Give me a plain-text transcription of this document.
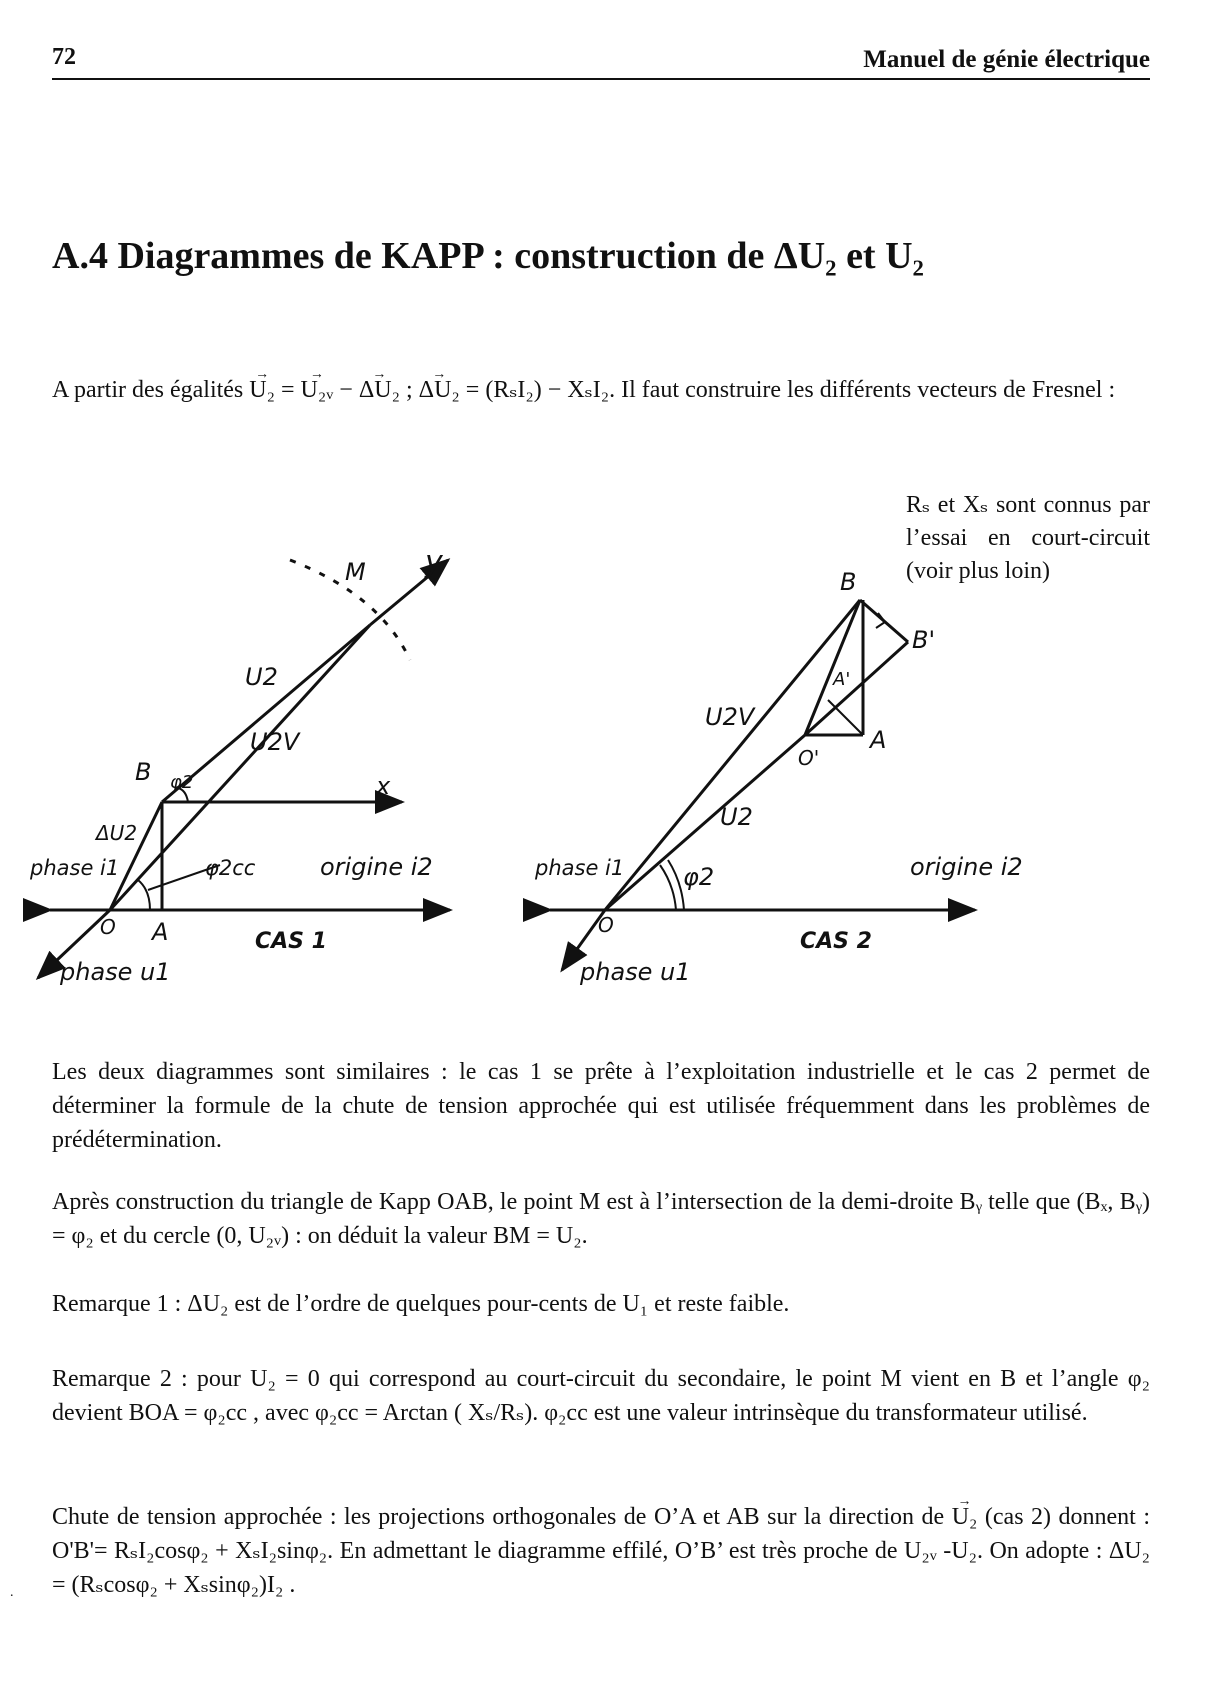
72	Manuel de génie électrique
A.4 Diagrammes de KAPP : construction de ΔU₂ et U₂
A partir des égalités → U₂ = → U₂ᵥ − → ΔU₂ ; → ΔU₂ = (RₛI₂) − XₛI₂. Il faut construire les différents vecteurs de Fresnel :
Rₛ et Xₛ sont connus par l’essai en court-circuit (voir plus loin)
M y
U2
U2V
B φ2	x
ΔU2
phase i1	φ2cc	origine i2
O A	CAS 1
phase u1
B
B'
A'
A
O'
U2V
U2
phase i1 φ2	origine i2
O
CAS 2
phase u1
Les deux diagrammes sont similaires : le cas 1 se prête à l’exploitation industrielle et le cas 2 permet de déterminer la formule de la chute de tension approchée qui est utilisée fréquemment dans les problèmes de prédétermination.
Après construction du triangle de Kapp OAB, le point M est à l’intersection de la demi-droite Bᵧ telle que (Bₓ, Bᵧ) = φ₂ et du cercle (0, U₂ᵥ) : on déduit la valeur BM = U₂.
Remarque 1 : ΔU₂ est de l’ordre de quelques pour-cents de U₁ et reste faible.
Remarque 2 : pour U₂ = 0 qui correspond au court-circuit du secondaire, le point M vient en B et l’angle φ₂ devient BOA = φ₂cc , avec φ₂cc = Arctan ( Xₛ/Rₛ). φ₂cc est une valeur intrinsèque du transformateur utilisé.
Chute de tension approchée : les projections orthogonales de O’A et AB sur la direction de → U₂ (cas 2) donnent : O'B'= RₛI₂cosφ₂ + XₛI₂sinφ₂. En admettant le diagramme effilé, O’B’ est très proche de U₂ᵥ -U₂. On adopte : ΔU₂ = (Rₛcosφ₂ + Xₛsinφ₂)I₂ .
.
